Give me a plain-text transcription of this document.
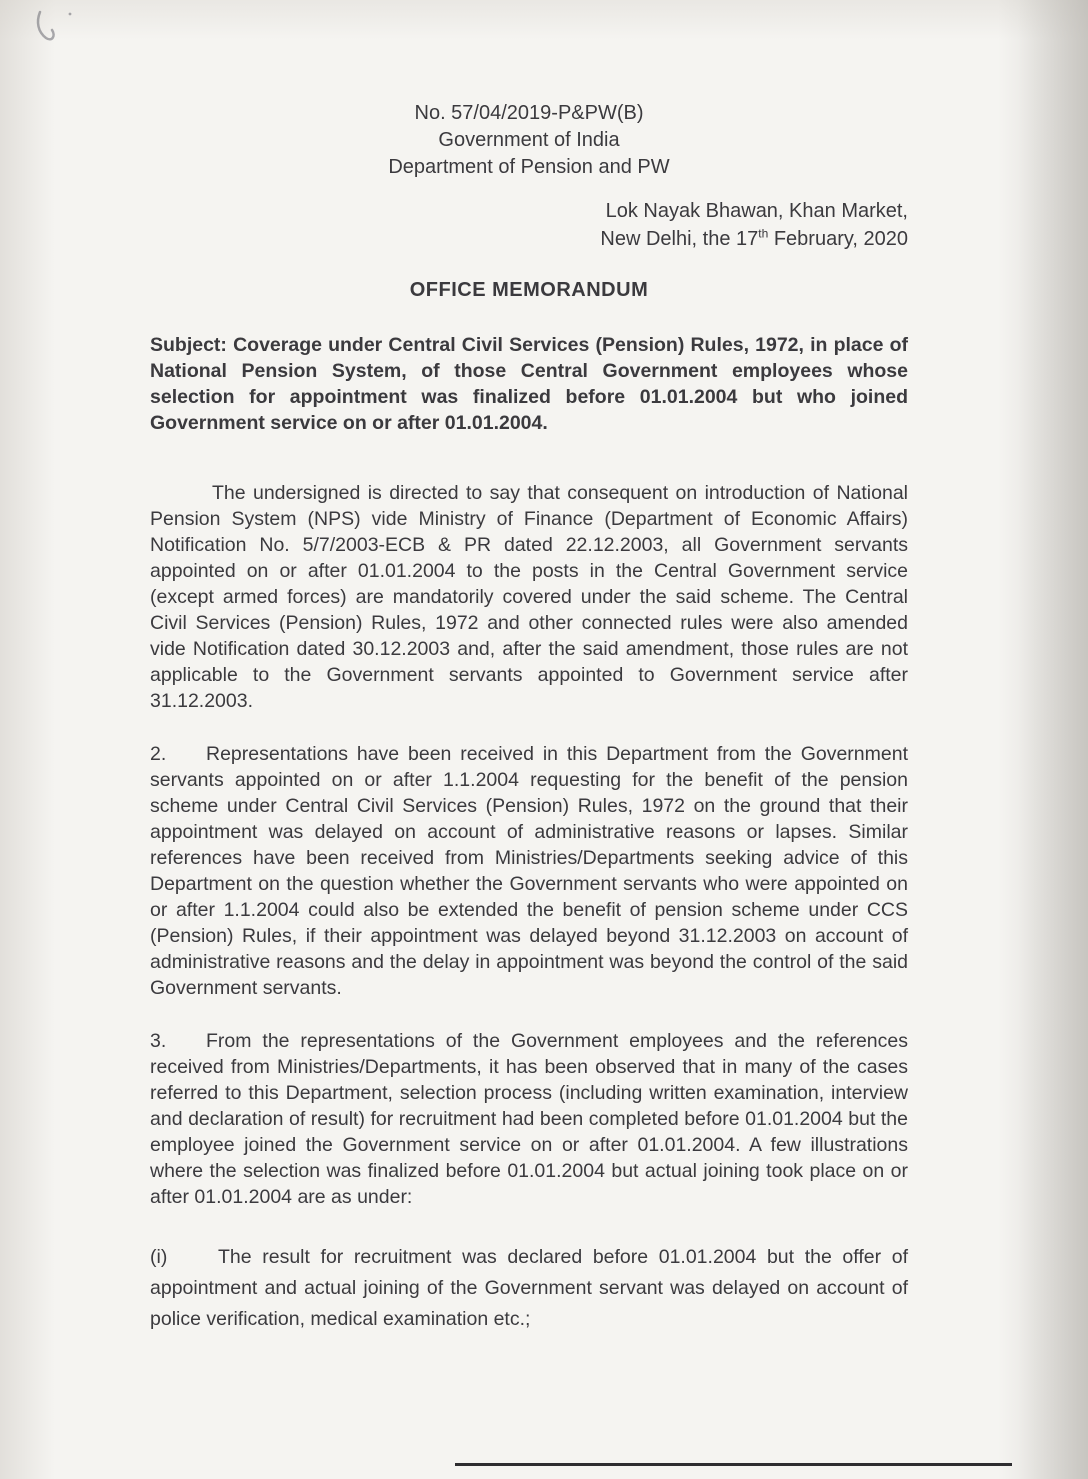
No. 57/04/2019-P&PW(B)
Government of India
Department of Pension and PW
Lok Nayak Bhawan, Khan Market,
New Delhi, the 17th February, 2020
OFFICE MEMORANDUM

Subject: Coverage under Central Civil Services (Pension) Rules, 1972, in place of National Pension System, of those Central Government employees whose selection for appointment was finalized before 01.01.2004 but who joined Government service on or after 01.01.2004.

The undersigned is directed to say that consequent on introduction of National Pension System (NPS) vide Ministry of Finance (Department of Economic Affairs) Notification No. 5/7/2003-ECB & PR dated 22.12.2003, all Government servants appointed on or after 01.01.2004 to the posts in the Central Government service (except armed forces) are mandatorily covered under the said scheme. The Central Civil Services (Pension) Rules, 1972 and other connected rules were also amended vide Notification dated 30.12.2003 and, after the said amendment, those rules are not applicable to the Government servants appointed to Government service after 31.12.2003.

2. Representations have been received in this Department from the Government servants appointed on or after 1.1.2004 requesting for the benefit of the pension scheme under Central Civil Services (Pension) Rules, 1972 on the ground that their appointment was delayed on account of administrative reasons or lapses. Similar references have been received from Ministries/Departments seeking advice of this Department on the question whether the Government servants who were appointed on or after 1.1.2004 could also be extended the benefit of pension scheme under CCS (Pension) Rules, if their appointment was delayed beyond 31.12.2003 on account of administrative reasons and the delay in appointment was beyond the control of the said Government servants.

3. From the representations of the Government employees and the references received from Ministries/Departments, it has been observed that in many of the cases referred to this Department, selection process (including written examination, interview and declaration of result) for recruitment had been completed before 01.01.2004 but the employee joined the Government service on or after 01.01.2004. A few illustrations where the selection was finalized before 01.01.2004 but actual joining took place on or after 01.01.2004 are as under:

(i)	The result for recruitment was declared before 01.01.2004 but the offer of appointment and actual joining of the Government servant was delayed on account of police verification, medical examination etc.;
